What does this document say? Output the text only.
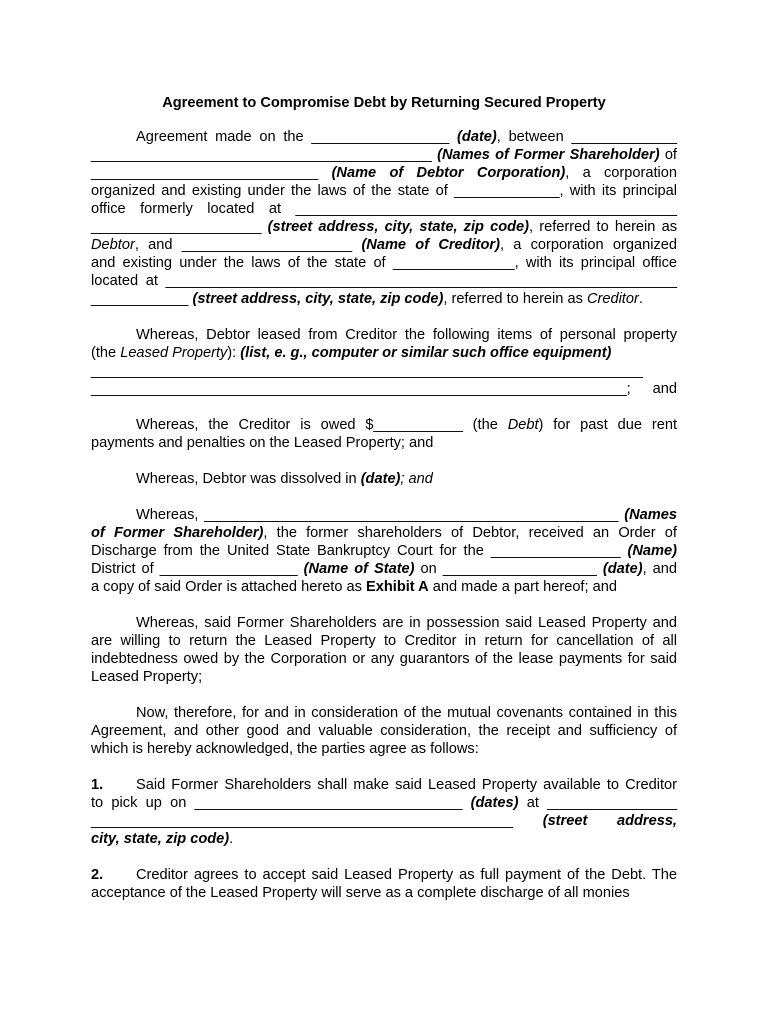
Agreement to Compromise Debt by Returning Secured Property

Agreement made on the _________________ (date), between _____________
__________________________________________ (Names of Former Shareholder) of
____________________________ (Name of Debtor Corporation), a corporation
organized and existing under the laws of the state of _____________, with its principal
office formerly located at _______________________________________________
_____________________ (street address, city, state, zip code), referred to herein as
Debtor, and _____________________ (Name of Creditor), a corporation organized
and existing under the laws of the state of _______________, with its principal office
located at _______________________________________________________________
____________ (street address, city, state, zip code), referred to herein as Creditor.

Whereas, Debtor leased from Creditor the following items of personal property
(the Leased Property): (list, e. g., computer or similar such office equipment)
____________________________________________________________________
__________________________________________________________________; and

Whereas, the Creditor is owed $___________ (the Debt) for past due rent
payments and penalties on the Leased Property; and

Whereas, Debtor was dissolved in (date); and

Whereas, ___________________________________________________ (Names
of Former Shareholder), the former shareholders of Debtor, received an Order of
Discharge from the United State Bankruptcy Court for the ________________ (Name)
District of _________________ (Name of State) on ___________________ (date), and
a copy of said Order is attached hereto as Exhibit A and made a part hereof; and

Whereas, said Former Shareholders are in possession said Leased Property and
are willing to return the Leased Property to Creditor in return for cancellation of all
indebtedness owed by the Corporation or any guarantors of the lease payments for said
Leased Property;

Now, therefore, for and in consideration of the mutual covenants contained in this
Agreement, and other good and valuable consideration, the receipt and sufficiency of
which is hereby acknowledged, the parties agree as follows:

1. Said Former Shareholders shall make said Leased Property available to Creditor
to pick up on _________________________________ (dates) at ________________
____________________________________________________ (street address,
city, state, zip code).

2. Creditor agrees to accept said Leased Property as full payment of the Debt. The
acceptance of the Leased Property will serve as a complete discharge of all monies
